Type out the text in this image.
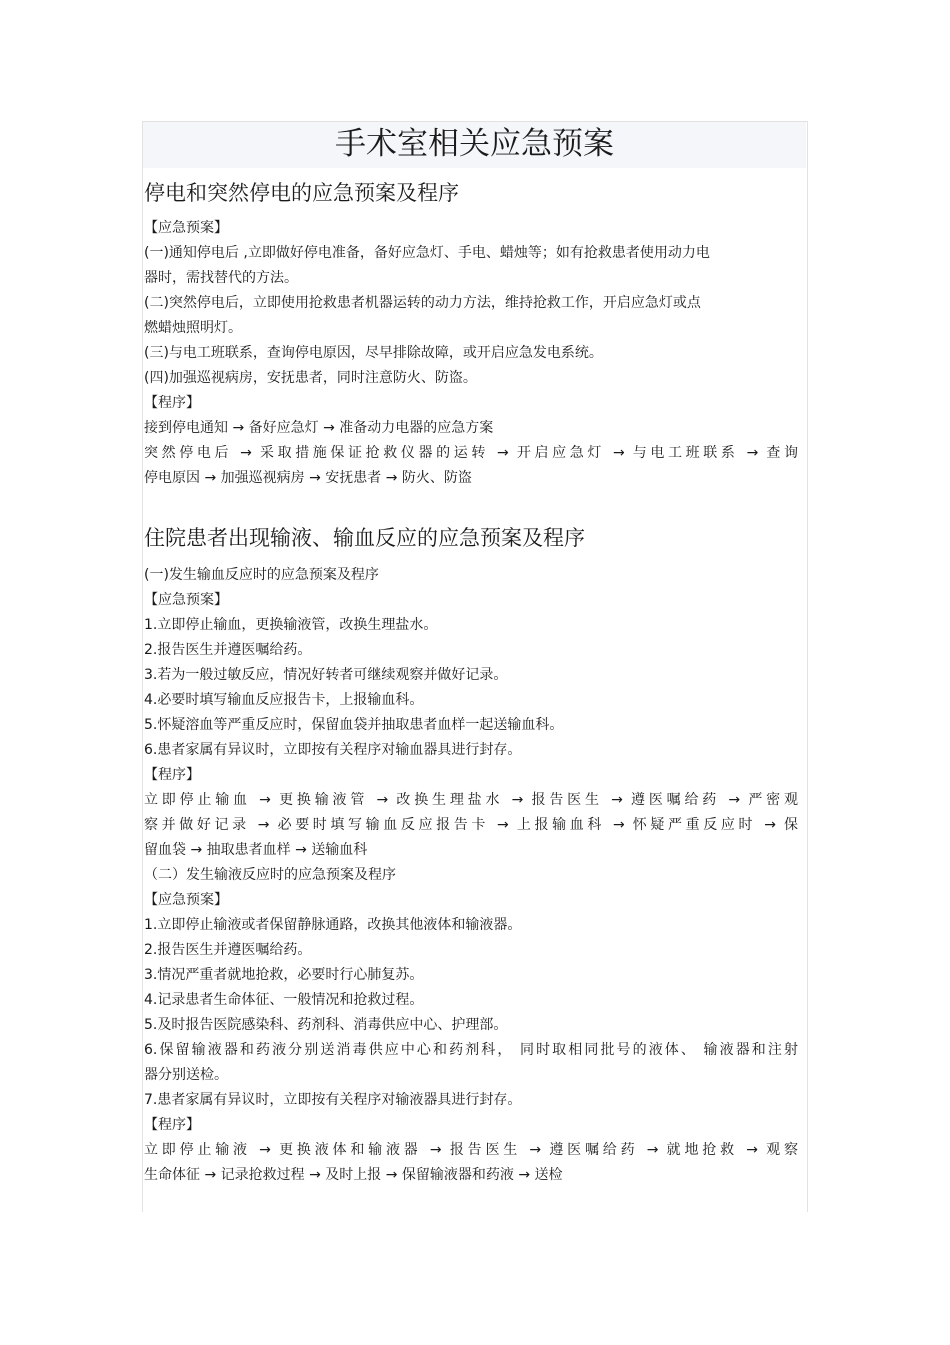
手术室相关应急预案
停电和突然停电的应急预案及程序

【应急预案】

(一)通知停电后 ,立即做好停电准备，备好应急灯、手电、蜡烛等；如有抢救患者使用动力电

器时，需找替代的方法。

(二)突然停电后，立即使用抢救患者机器运转的动力方法，维持抢救工作，开启应急灯或点

燃蜡烛照明灯。

(三)与电工班联系，查询停电原因，尽早排除故障，或开启应急发电系统。

(四)加强巡视病房，安抚患者，同时注意防火、防盗。

【程序】

接到停电通知 → 备好应急灯 → 准备动力电器的应急方案

突然停电后 → 采取措施保证抢救仪器的运转 → 开启应急灯 → 与电工班联系 → 查询

停电原因 → 加强巡视病房 → 安抚患者 → 防火、防盗

住院患者出现输液、输血反应的应急预案及程序

(一)发生输血反应时的应急预案及程序

【应急预案】

1.立即停止输血，更换输液管，改换生理盐水。

2.报告医生并遵医嘱给药。

3.若为一般过敏反应，情况好转者可继续观察并做好记录。

4.必要时填写输血反应报告卡，上报输血科。

5.怀疑溶血等严重反应时，保留血袋并抽取患者血样一起送输血科。

6.患者家属有异议时，立即按有关程序对输血器具进行封存。

【程序】

立即停止输血 → 更换输液管 → 改换生理盐水 → 报告医生 → 遵医嘱给药 → 严密观

察并做好记录 → 必要时填写输血反应报告卡 → 上报输血科 → 怀疑严重反应时 → 保

留血袋 → 抽取患者血样 → 送输血科

（二）发生输液反应时的应急预案及程序

【应急预案】

1.立即停止输液或者保留静脉通路，改换其他液体和输液器。

2.报告医生并遵医嘱给药。

3.情况严重者就地抢救，必要时行心肺复苏。

4.记录患者生命体征、一般情况和抢救过程。

5.及时报告医院感染科、药剂科、消毒供应中心、护理部。

6.保留输液器和药液分别送消毒供应中心和药剂科， 同时取相同批号的液体、 输液器和注射

器分别送检。

7.患者家属有异议时，立即按有关程序对输液器具进行封存。

【程序】

立即停止输液 → 更换液体和输液器 → 报告医生 → 遵医嘱给药 → 就地抢救 → 观察

生命体征 → 记录抢救过程 → 及时上报 → 保留输液器和药液 → 送检
